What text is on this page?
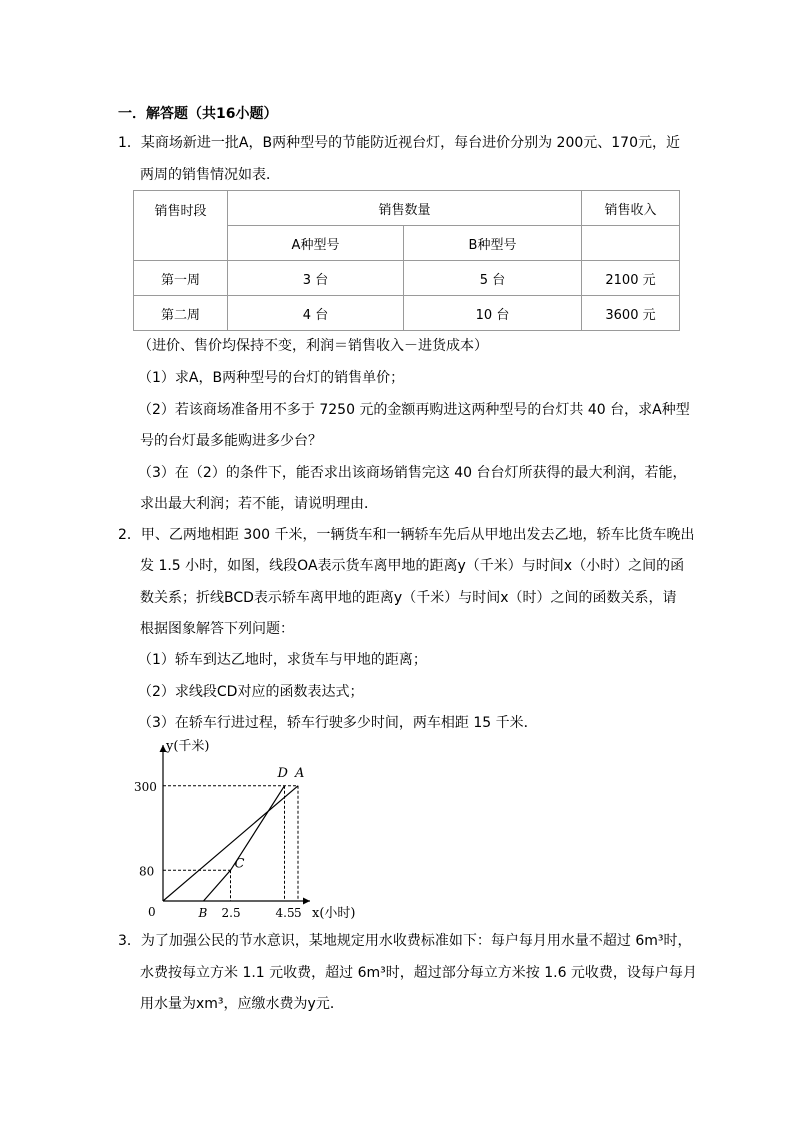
一．解答题（共16小题）
1．某商场新进一批A，B两种型号的节能防近视台灯，每台进价分别为 200元、170元，近
两周的销售情况如表．
销售时段	销售数量		销售收入
	A种型号	B种型号	
第一周	3 台	5 台	2100 元
第二周	4 台	10 台	3600 元
（进价、售价均保持不变，利润＝销售收入－进货成本）
（1）求A，B两种型号的台灯的销售单价；
（2）若该商场准备用不多于 7250 元的金额再购进这两种型号的台灯共 40 台，求A种型
号的台灯最多能购进多少台？
（3）在（2）的条件下，能否求出该商场销售完这 40 台台灯所获得的最大利润，若能，
求出最大利润；若不能，请说明理由．
2．甲、乙两地相距 300 千米，一辆货车和一辆轿车先后从甲地出发去乙地，轿车比货车晚出
发 1.5 小时，如图，线段OA表示货车离甲地的距离y（千米）与时间x（小时）之间的函
数关系；折线BCD表示轿车离甲地的距离y（千米）与时间x（时）之间的函数关系，请
根据图象解答下列问题：
（1）轿车到达乙地时，求货车与甲地的距离；
（2）求线段CD对应的函数表达式；
（3）在轿车行进过程，轿车行驶多少时间，两车相距 15 千米．
y(千米)
x(小时)
0
300
80
B 2.5	4.5 5
D A
C
3．为了加强公民的节水意识，某地规定用水收费标准如下：每户每月用水量不超过 6m³时，
水费按每立方米 1.1 元收费，超过 6m³时，超过部分每立方米按 1.6 元收费，设每户每月
用水量为xm³，应缴水费为y元．
